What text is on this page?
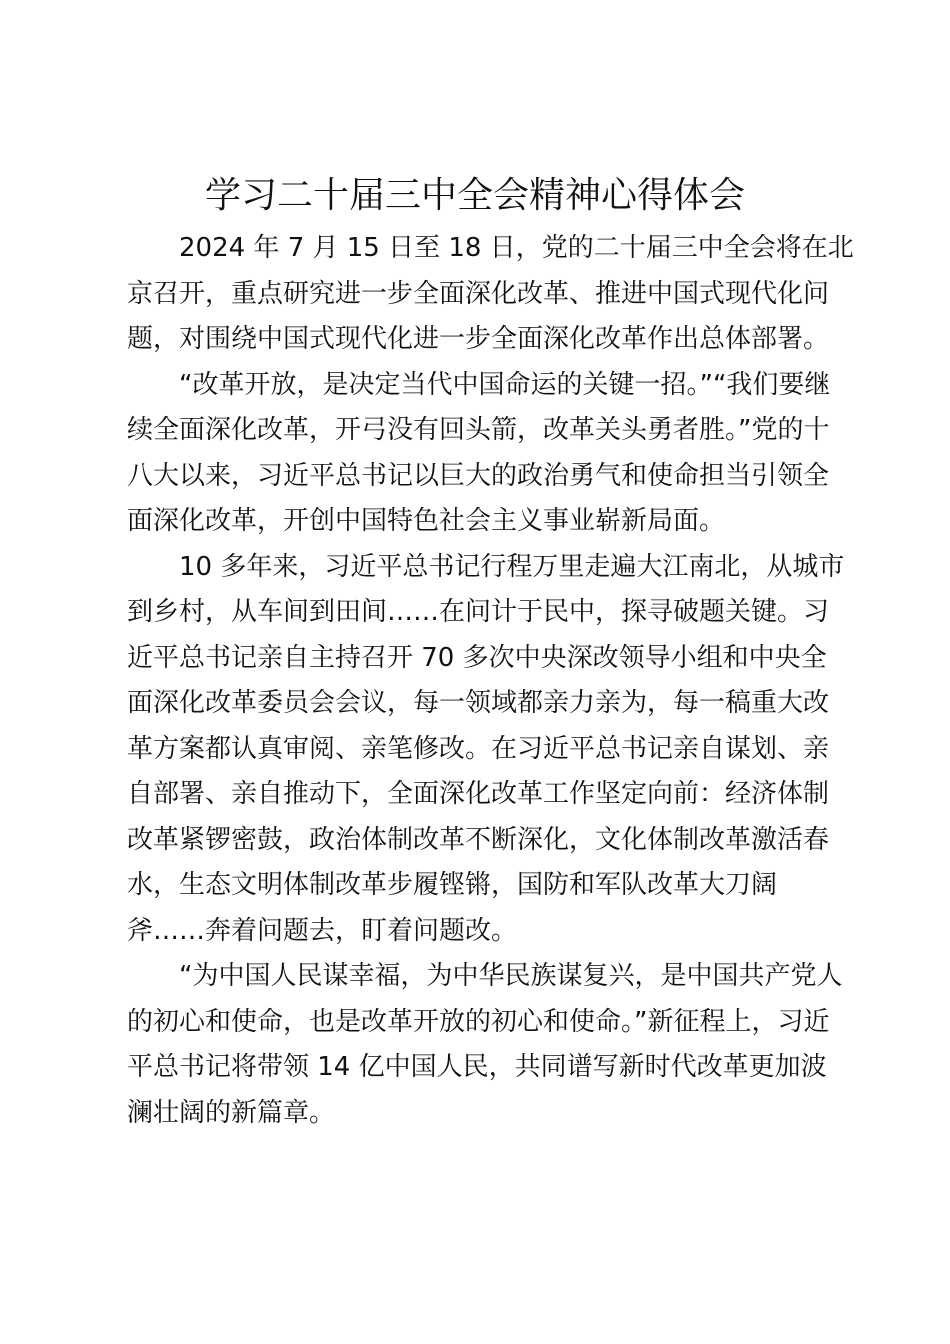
学习二十届三中全会精神心得体会

2024 年 7 月 15 日至 18 日，党的二十届三中全会将在北
京召开，重点研究进一步全面深化改革、推进中国式现代化问
题，对围绕中国式现代化进一步全面深化改革作出总体部署。

“改革开放，是决定当代中国命运的关键一招。”“我们要继
续全面深化改革，开弓没有回头箭，改革关头勇者胜。”党的十
八大以来，习近平总书记以巨大的政治勇气和使命担当引领全
面深化改革，开创中国特色社会主义事业崭新局面。

10 多年来，习近平总书记行程万里走遍大江南北，从城市
到乡村，从车间到田间……在问计于民中，探寻破题关键。习
近平总书记亲自主持召开 70 多次中央深改领导小组和中央全
面深化改革委员会会议，每一领域都亲力亲为，每一稿重大改
革方案都认真审阅、亲笔修改。在习近平总书记亲自谋划、亲
自部署、亲自推动下，全面深化改革工作坚定向前：经济体制
改革紧锣密鼓，政治体制改革不断深化，文化体制改革激活春
水，生态文明体制改革步履铿锵，国防和军队改革大刀阔
斧……奔着问题去，盯着问题改。

“为中国人民谋幸福，为中华民族谋复兴，是中国共产党人
的初心和使命，也是改革开放的初心和使命。”新征程上，习近
平总书记将带领 14 亿中国人民，共同谱写新时代改革更加波
澜壮阔的新篇章。
